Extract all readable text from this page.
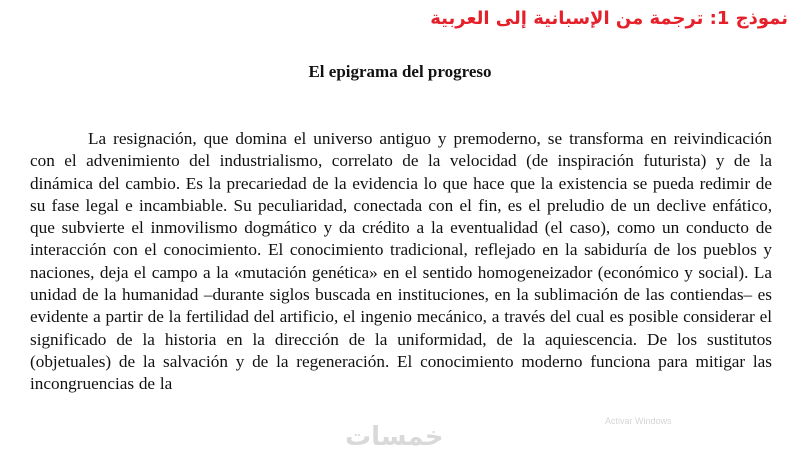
نموذج 1: ترجمة من الإسبانية إلى العربية
El epigrama del progreso

La resignación, que domina el universo antiguo y premoderno, se transforma en reivindicación con el advenimiento del industrialismo, correlato de la velocidad (de inspiración futurista) y de la dinámica del cambio. Es la precariedad de la evidencia lo que hace que la existencia se pueda redimir de su fase legal e incambiable. Su peculiaridad, conectada con el fin, es el preludio de un declive enfático, que subvierte el inmovilismo dogmático y da crédito a la eventualidad (el caso), como un conducto de interacción con el conocimiento. El conocimiento tradicional, reflejado en la sabiduría de los pueblos y naciones, deja el campo a la «mutación genética» en el sentido homogeneizador (económico y social). La unidad de la humanidad –durante siglos buscada en instituciones, en la sublimación de las contiendas– es evidente a partir de la fertilidad del artificio, el ingenio mecánico, a través del cual es posible considerar el significado de la historia en la dirección de la uniformidad, de la aquiescencia. De los sustitutos (objetuales) de la salvación y de la regeneración. El conocimiento moderno funciona para mitigar las incongruencias de la

خمسات
Activar Windows
